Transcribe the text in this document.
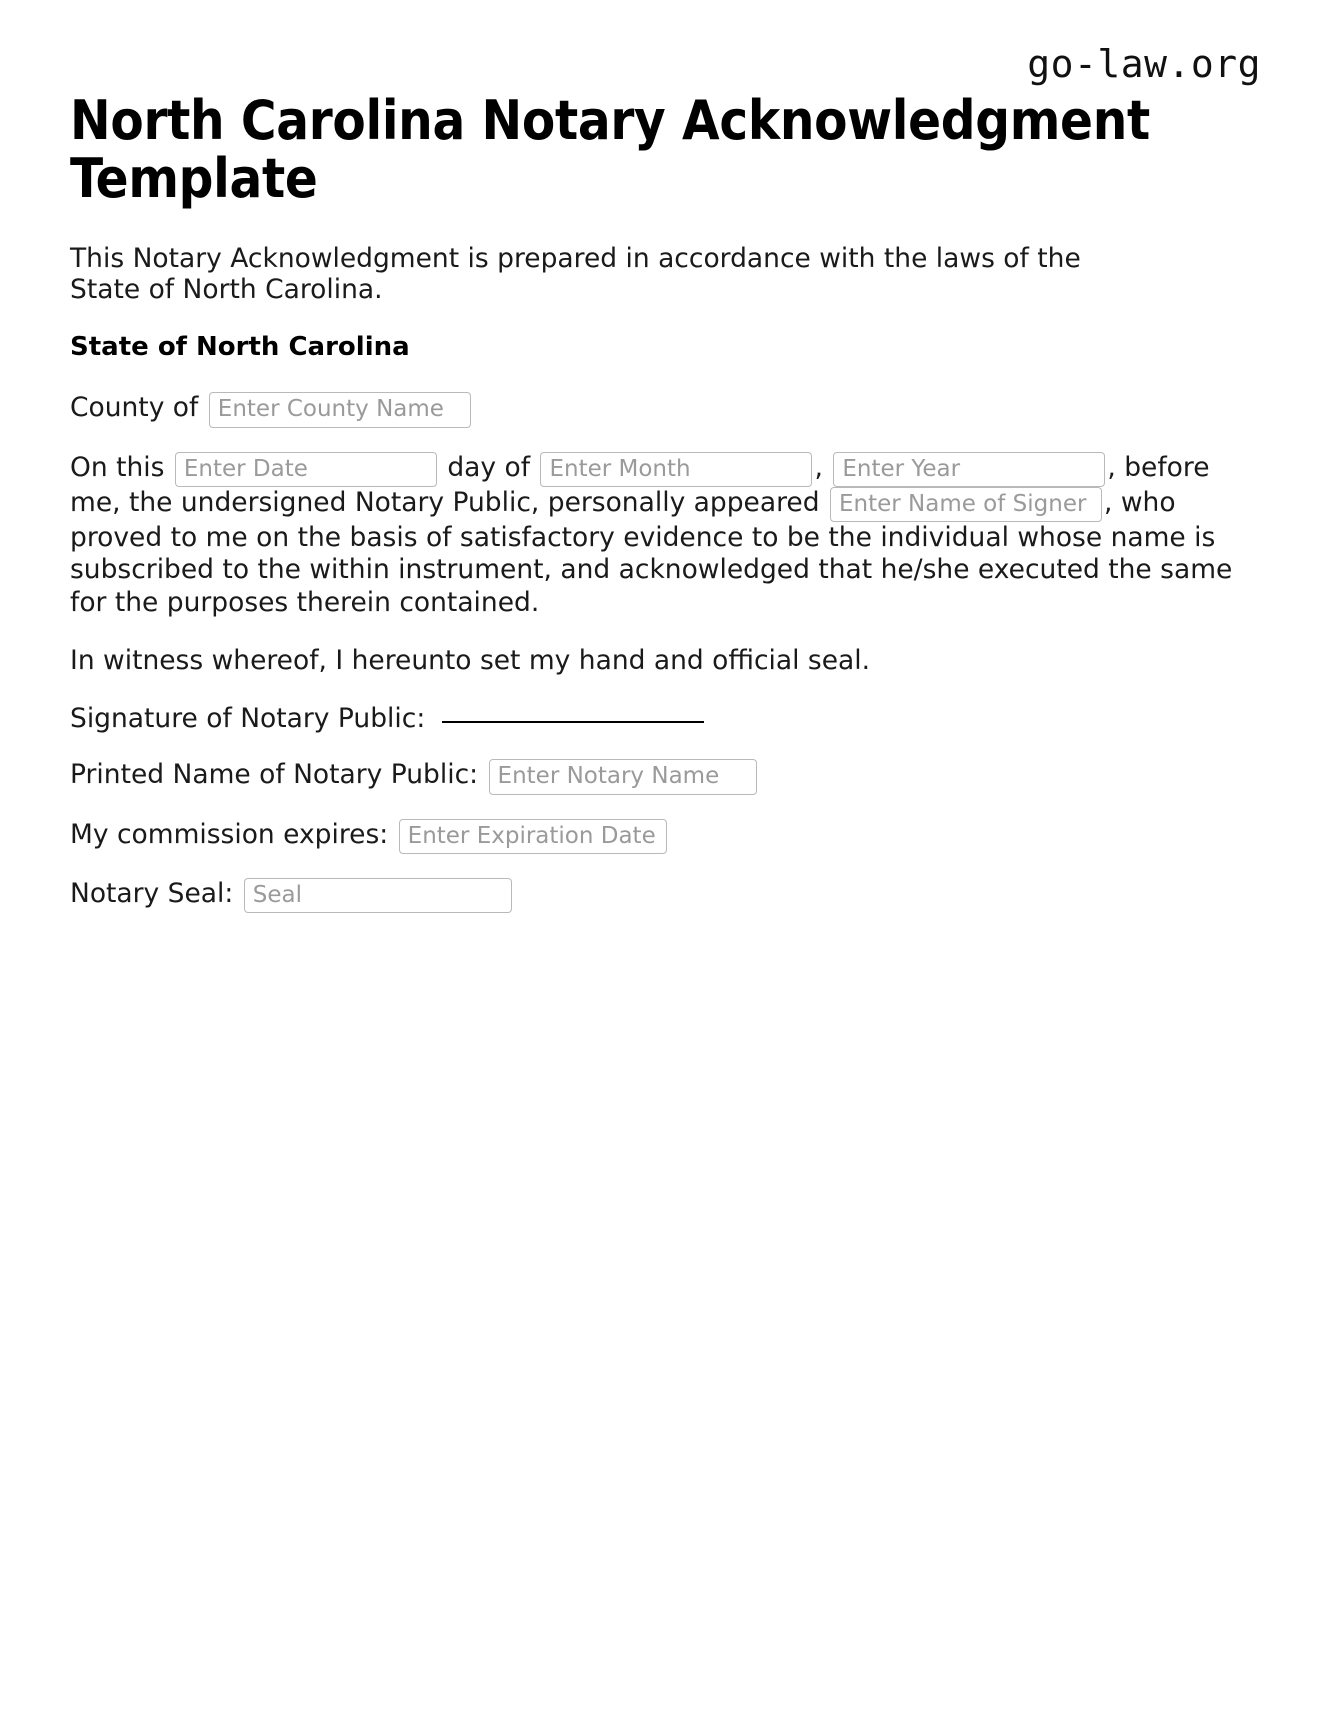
go-law.org
North Carolina Notary Acknowledgment Template

This Notary Acknowledgment is prepared in accordance with the laws of the State of North Carolina.

State of North Carolina
County of Enter County Name
On this Enter Date	day of Enter Month	, Enter Year	, before me, the undersigned Notary Public, personally appeared Enter Name of Signer	, who proved to me on the basis of satisfactory evidence to be the individual whose name is subscribed to the within instrument, and acknowledged that he/she executed the same for the purposes therein contained.

In witness whereof, I hereunto set my hand and official seal.

Signature of Notary Public:
Printed Name of Notary Public: Enter Notary Name
My commission expires: Enter Expiration Date
Notary Seal: Seal
